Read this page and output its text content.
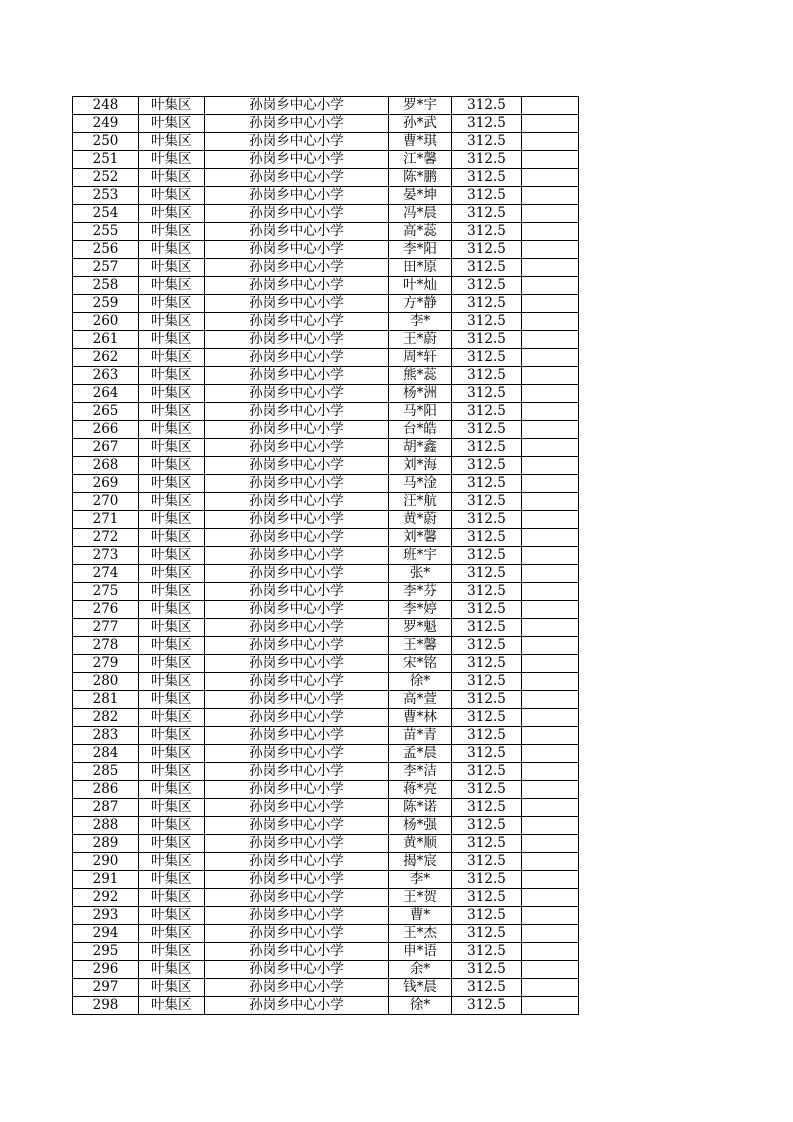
248	叶集区	孙岗乡中心小学	罗*宇	312.5	
249	叶集区	孙岗乡中心小学	孙*武	312.5	
250	叶集区	孙岗乡中心小学	曹*琪	312.5	
251	叶集区	孙岗乡中心小学	江*馨	312.5	
252	叶集区	孙岗乡中心小学	陈*鹏	312.5	
253	叶集区	孙岗乡中心小学	晏*坤	312.5	
254	叶集区	孙岗乡中心小学	冯*晨	312.5	
255	叶集区	孙岗乡中心小学	高*蕊	312.5	
256	叶集区	孙岗乡中心小学	李*阳	312.5	
257	叶集区	孙岗乡中心小学	田*原	312.5	
258	叶集区	孙岗乡中心小学	叶*灿	312.5	
259	叶集区	孙岗乡中心小学	方*静	312.5	
260	叶集区	孙岗乡中心小学	李*	312.5	
261	叶集区	孙岗乡中心小学	王*蔚	312.5	
262	叶集区	孙岗乡中心小学	周*轩	312.5	
263	叶集区	孙岗乡中心小学	熊*蕊	312.5	
264	叶集区	孙岗乡中心小学	杨*洲	312.5	
265	叶集区	孙岗乡中心小学	马*阳	312.5	
266	叶集区	孙岗乡中心小学	台*皓	312.5	
267	叶集区	孙岗乡中心小学	胡*鑫	312.5	
268	叶集区	孙岗乡中心小学	刘*海	312.5	
269	叶集区	孙岗乡中心小学	马*淦	312.5	
270	叶集区	孙岗乡中心小学	汪*航	312.5	
271	叶集区	孙岗乡中心小学	黄*蔚	312.5	
272	叶集区	孙岗乡中心小学	刘*馨	312.5	
273	叶集区	孙岗乡中心小学	班*宇	312.5	
274	叶集区	孙岗乡中心小学	张*	312.5	
275	叶集区	孙岗乡中心小学	李*芬	312.5	
276	叶集区	孙岗乡中心小学	李*婷	312.5	
277	叶集区	孙岗乡中心小学	罗*魁	312.5	
278	叶集区	孙岗乡中心小学	王*馨	312.5	
279	叶集区	孙岗乡中心小学	宋*铭	312.5	
280	叶集区	孙岗乡中心小学	徐*	312.5	
281	叶集区	孙岗乡中心小学	高*萱	312.5	
282	叶集区	孙岗乡中心小学	曹*林	312.5	
283	叶集区	孙岗乡中心小学	苗*青	312.5	
284	叶集区	孙岗乡中心小学	孟*晨	312.5	
285	叶集区	孙岗乡中心小学	李*洁	312.5	
286	叶集区	孙岗乡中心小学	蒋*亮	312.5	
287	叶集区	孙岗乡中心小学	陈*诺	312.5	
288	叶集区	孙岗乡中心小学	杨*强	312.5	
289	叶集区	孙岗乡中心小学	黄*顺	312.5	
290	叶集区	孙岗乡中心小学	揭*宸	312.5	
291	叶集区	孙岗乡中心小学	李*	312.5	
292	叶集区	孙岗乡中心小学	王*贺	312.5	
293	叶集区	孙岗乡中心小学	曹*	312.5	
294	叶集区	孙岗乡中心小学	王*杰	312.5	
295	叶集区	孙岗乡中心小学	申*语	312.5	
296	叶集区	孙岗乡中心小学	余*	312.5	
297	叶集区	孙岗乡中心小学	钱*晨	312.5	
298	叶集区	孙岗乡中心小学	徐*	312.5	
